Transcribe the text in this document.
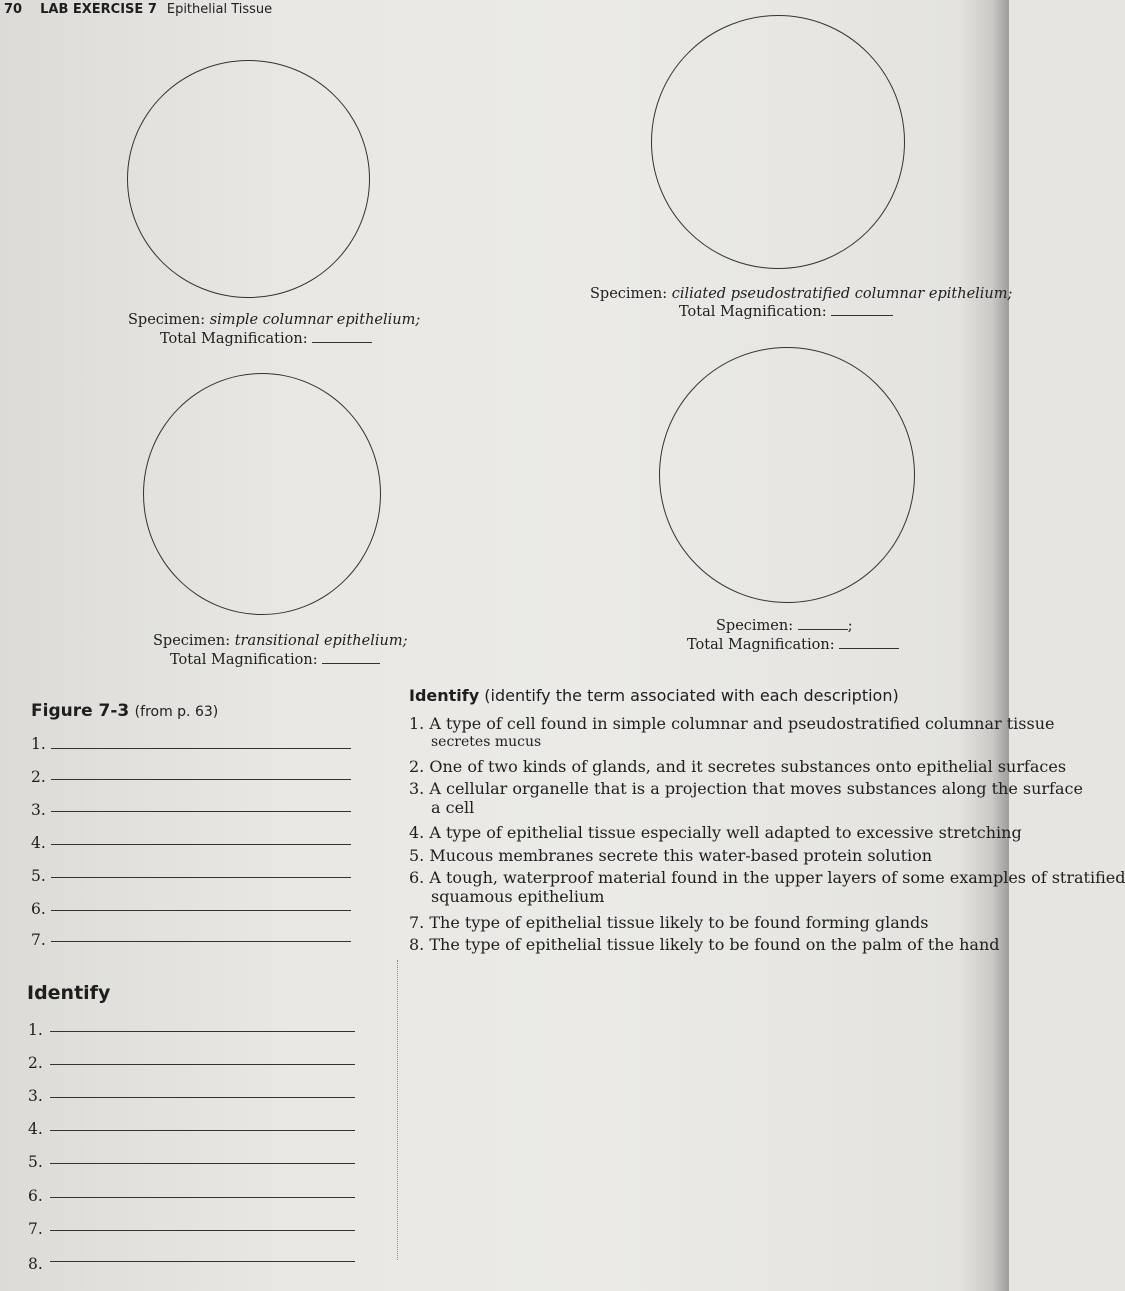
70 LAB EXERCISE 7 Epithelial Tissue
Specimen: simple columnar epithelium;
Total Magnification:
Specimen: ciliated pseudostratified columnar epithelium;
Total Magnification:
Specimen: transitional epithelium;
Total Magnification:
Specimen:	;
Total Magnification:
Figure 7-3 (from p. 63)
1.
2.
3.
4.
5.
6.
7.
Identify (identify the term associated with each description)
1. A type of cell found in simple columnar and pseudostratified columnar tissue
secretes mucus
2. One of two kinds of glands, and it secretes substances onto epithelial surfaces
3. A cellular organelle that is a projection that moves substances along the surface
a cell
4. A type of epithelial tissue especially well adapted to excessive stretching
5. Mucous membranes secrete this water-based protein solution
6. A tough, waterproof material found in the upper layers of some examples of stratified
squamous epithelium
7. The type of epithelial tissue likely to be found forming glands
8. The type of epithelial tissue likely to be found on the palm of the hand
Identify
1.
2.
3.
4.
5.
6.
7.
8.
